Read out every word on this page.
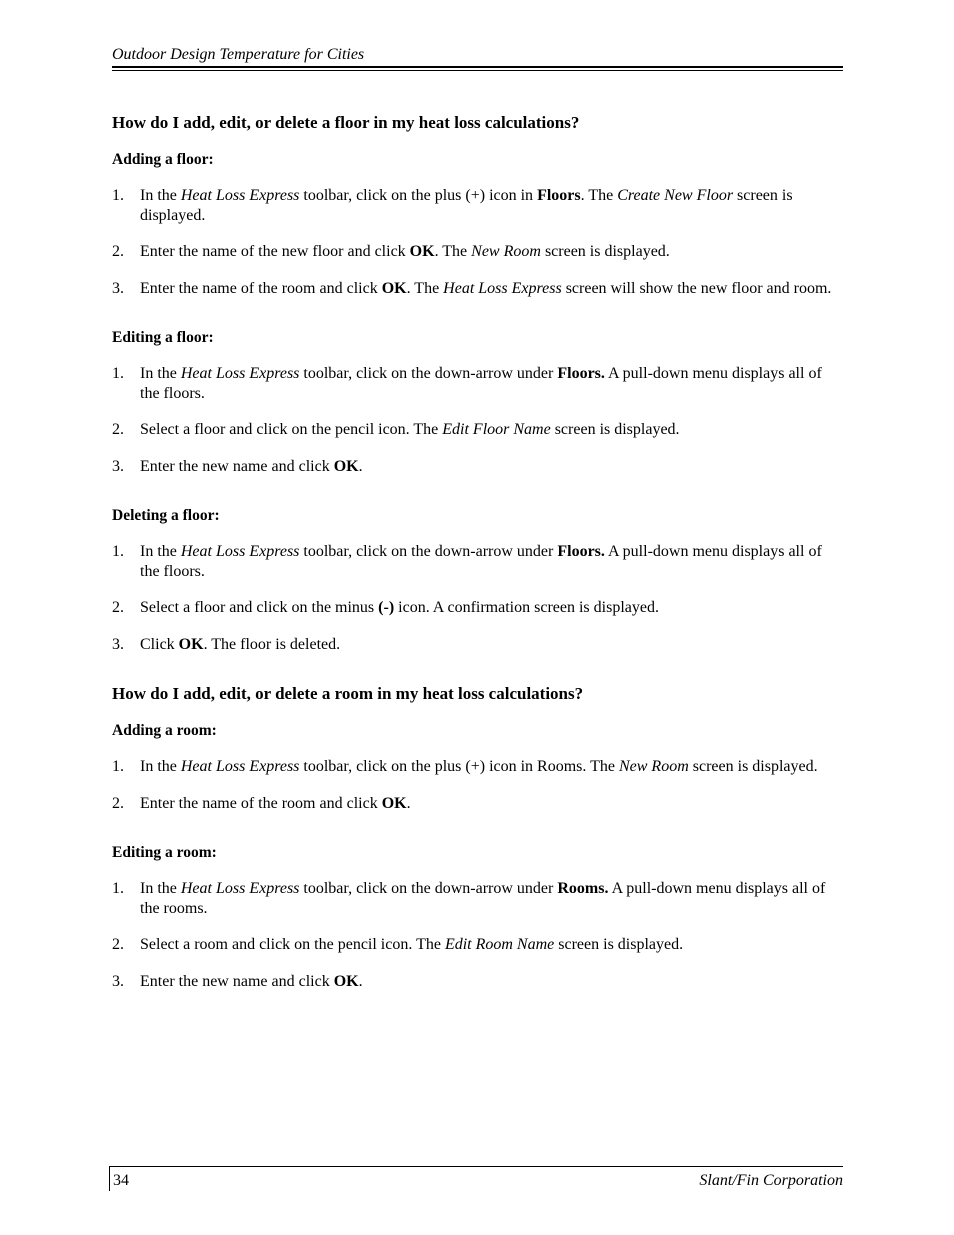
Outdoor Design Temperature for Cities
How do I add, edit, or delete a floor in my heat loss calculations?
Adding a floor:
1. In the Heat Loss Express toolbar, click on the plus (+) icon in Floors. The Create New Floor screen is displayed.
2. Enter the name of the new floor and click OK. The New Room screen is displayed.
3. Enter the name of the room and click OK. The Heat Loss Express screen will show the new floor and room.
Editing a floor:
1. In the Heat Loss Express toolbar, click on the down-arrow under Floors. A pull-down menu displays all of the floors.
2. Select a floor and click on the pencil icon. The Edit Floor Name screen is displayed.
3. Enter the new name and click OK.
Deleting a floor:
1. In the Heat Loss Express toolbar, click on the down-arrow under Floors. A pull-down menu displays all of the floors.
2. Select a floor and click on the minus (-) icon. A confirmation screen is displayed.
3. Click OK. The floor is deleted.
How do I add, edit, or delete a room in my heat loss calculations?
Adding a room:
1. In the Heat Loss Express toolbar, click on the plus (+) icon in Rooms. The New Room screen is displayed.
2. Enter the name of the room and click OK.
Editing a room:
1. In the Heat Loss Express toolbar, click on the down-arrow under Rooms. A pull-down menu displays all of the rooms.
2. Select a room and click on the pencil icon. The Edit Room Name screen is displayed.
3. Enter the new name and click OK.
34	Slant/Fin Corporation
